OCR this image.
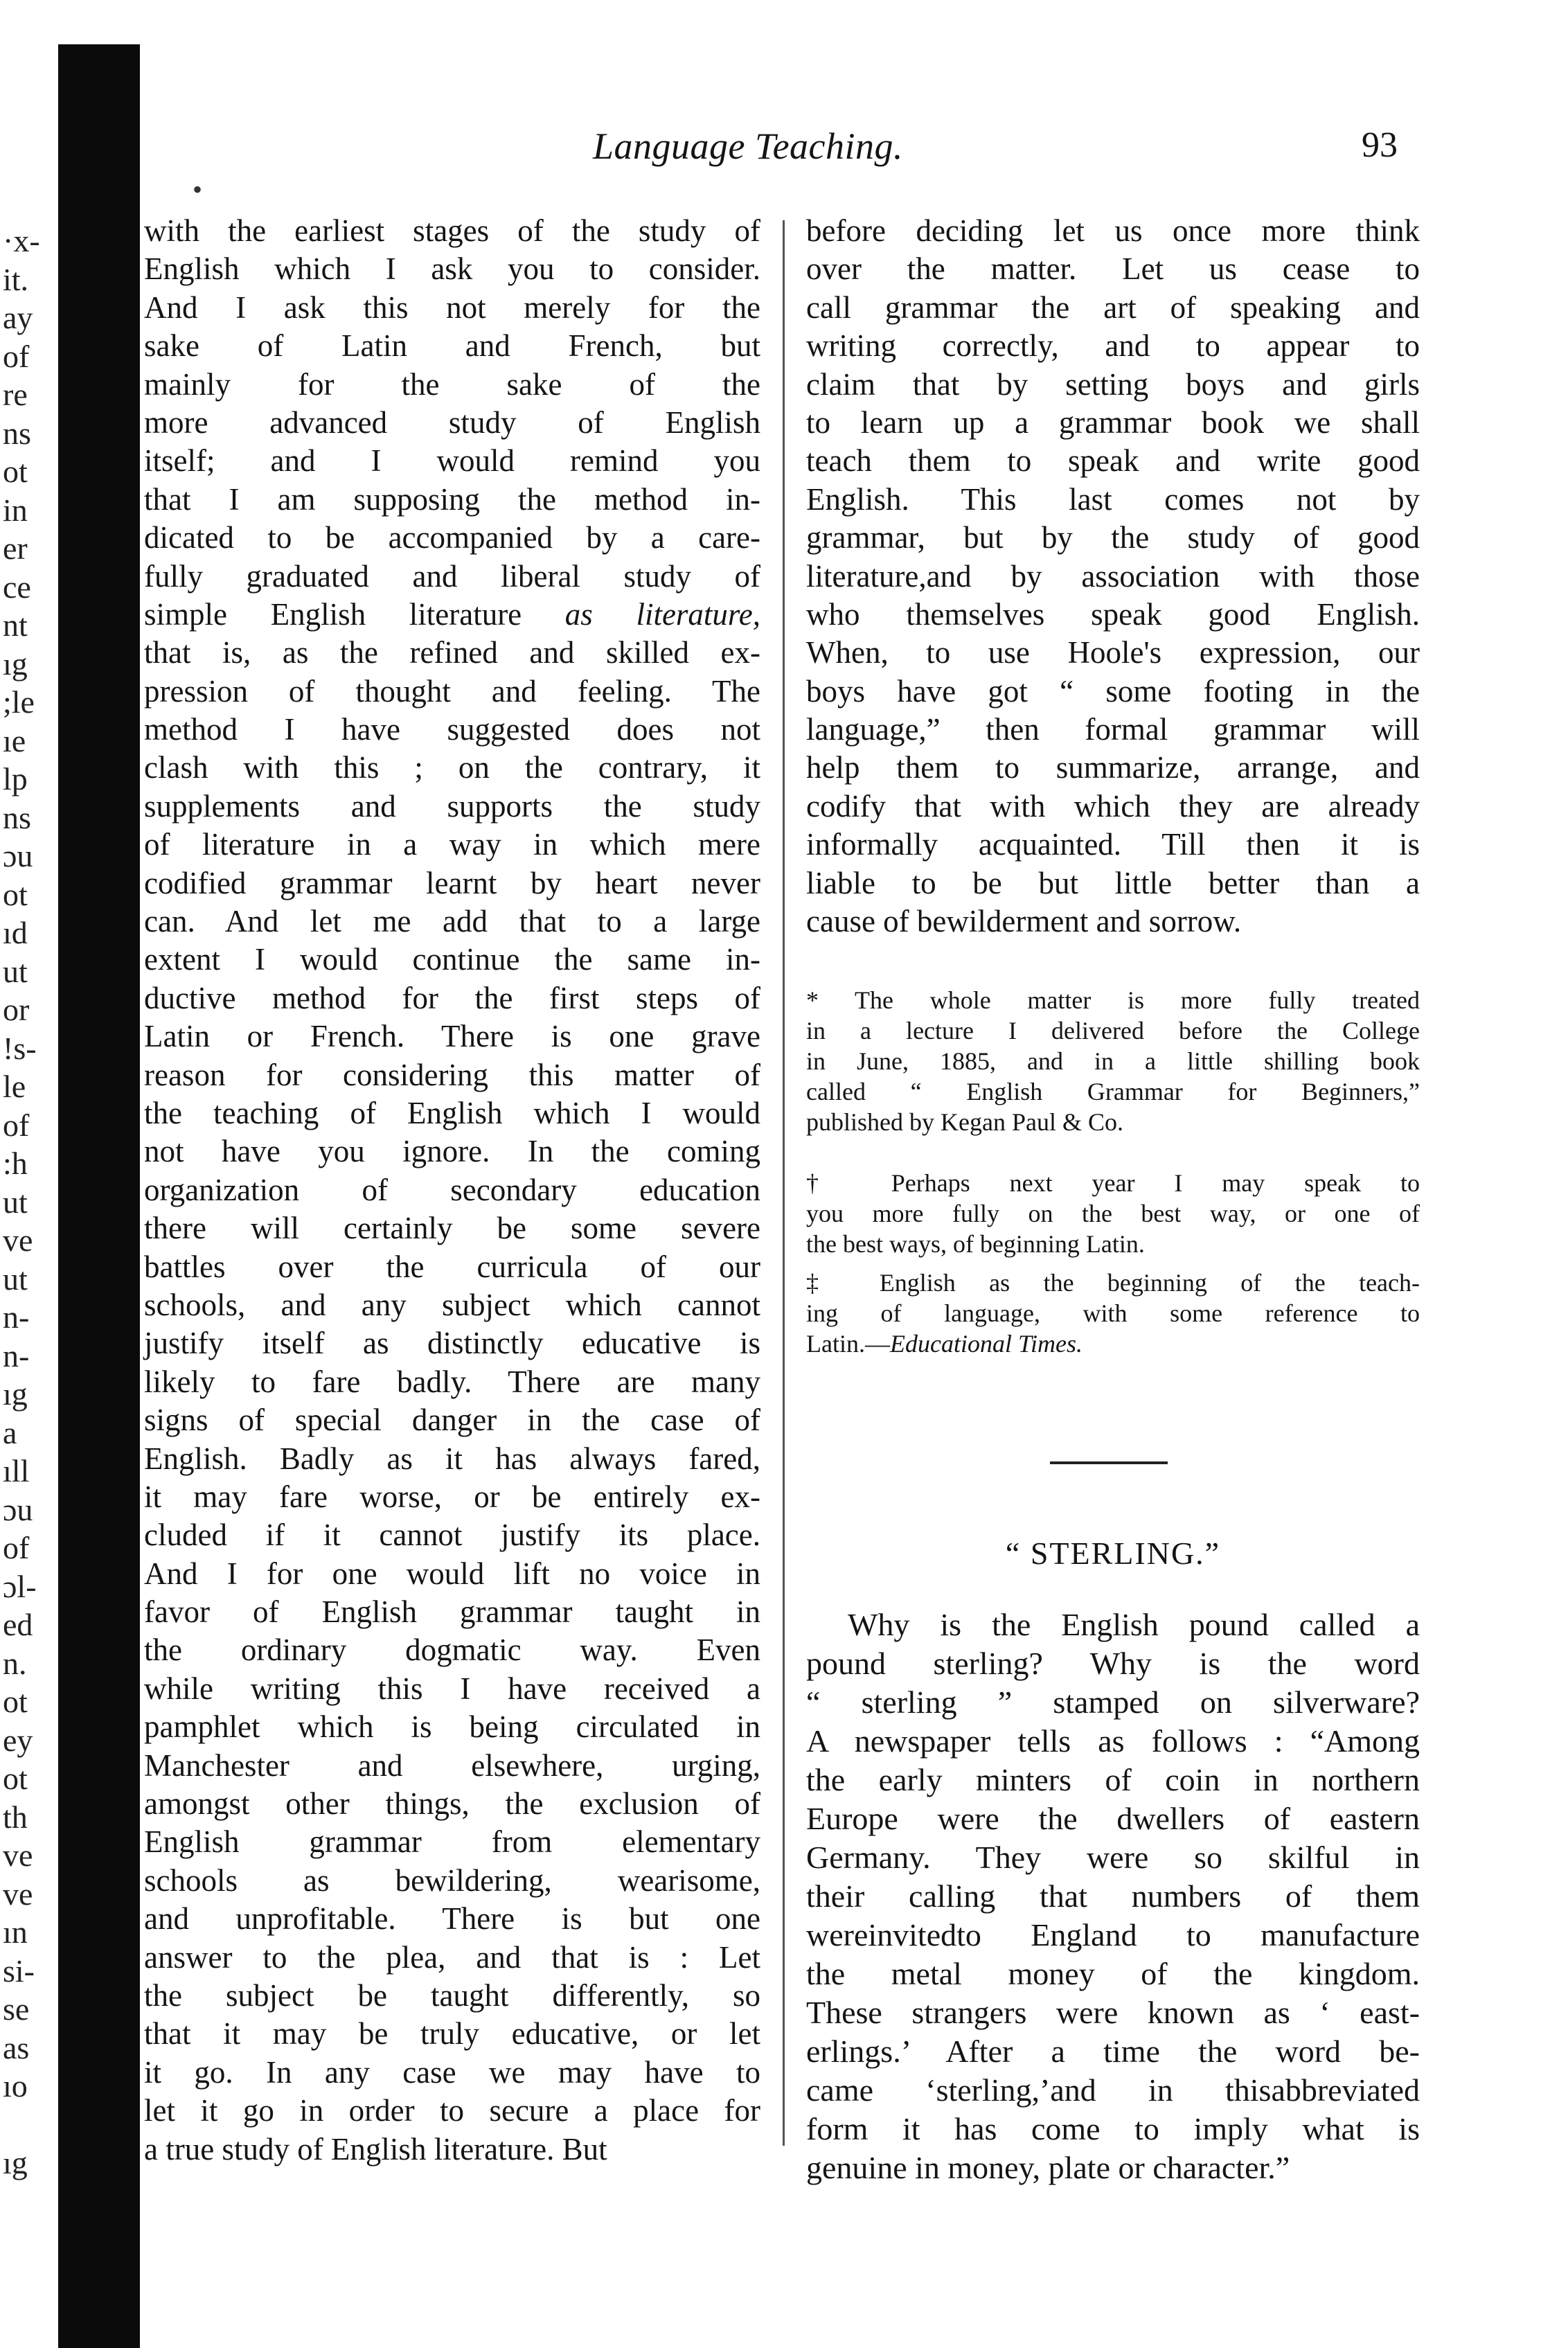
·x-
it.
ay
of
re
ns
ot
in
er
ce
nt
ıg
;le
ıe
lp
ns
ɔu
ot
ıd
ut
or
!s-
le
of
:h
ut
ve
ut
n-
n-
ıg
a
ıll
ɔu
of
ɔl-
ed
n.
ot
ey
ot
th
ve
ve
ın
si-
se
as
ıo

ıg
Language Teaching.	93
•
with the earliest stages of the study of
English which I ask you to consider.
And I ask this not merely for the
sake of Latin and French, but
mainly for the sake of the
more advanced study of English
itself; and I would remind you
that I am supposing the method in-
dicated to be accompanied by a care-
fully graduated and liberal study of
simple English literature as literature,
that is, as the refined and skilled ex-
pression of thought and feeling. The
method I have suggested does not
clash with this ; on the contrary, it
supplements and supports the study
of literature in a way in which mere
codified grammar learnt by heart never
can. And let me add that to a large
extent I would continue the same in-
ductive method for the first steps of
Latin or French. There is one grave
reason for considering this matter of
the teaching of English which I would
not have you ignore. In the coming
organization of secondary education
there will certainly be some severe
battles over the curricula of our
schools, and any subject which cannot
justify itself as distinctly educative is
likely to fare badly. There are many
signs of special danger in the case of
English. Badly as it has always fared,
it may fare worse, or be entirely ex-
cluded if it cannot justify its place.
And I for one would lift no voice in
favor of English grammar taught in
the ordinary dogmatic way. Even
while writing this I have received a
pamphlet which is being circulated in
Manchester and elsewhere, urging,
amongst other things, the exclusion of
English grammar from elementary
schools as bewildering, wearisome,
and unprofitable. There is but one
answer to the plea, and that is : Let
the subject be taught differently, so
that it may be truly educative, or let
it go. In any case we may have to
let it go in order to secure a place for
a true study of English literature. But
before deciding let us once more think
over the matter. Let us cease to
call grammar the art of speaking and
writing correctly, and to appear to
claim that by setting boys and girls
to learn up a grammar book we shall
teach them to speak and write good
English. This last comes not by
grammar, but by the study of good
literature,and by association with those
who themselves speak good English.
When, to use Hoole's expression, our
boys have got “ some footing in the
language,” then formal grammar will
help them to summarize, arrange, and
codify that with which they are already
informally acquainted. Till then it is
liable to be but little better than a
cause of bewilderment and sorrow.
* The whole matter is more fully treated
in a lecture I delivered before the College
in June, 1885, and in a little shilling book
called “ English Grammar for Beginners,”
published by Kegan Paul & Co.
† Perhaps next year I may speak to
you more fully on the best way, or one of
the best ways, of beginning Latin.
‡ English as the beginning of the teach-
ing of language, with some reference to
Latin.—Educational Times.
“ STERLING.”
Why is the English pound called a
pound sterling? Why is the word
“ sterling ” stamped on silverware?
A newspaper tells as follows : “Among
the early minters of coin in northern
Europe were the dwellers of eastern
Germany. They were so skilful in
their calling that numbers of them
wereinvitedto England to manufacture
the metal money of the kingdom.
These strangers were known as ‘ east-
erlings.’ After a time the word be-
came ‘sterling,’and in thisabbreviated
form it has come to imply what is
genuine in money, plate or character.”
